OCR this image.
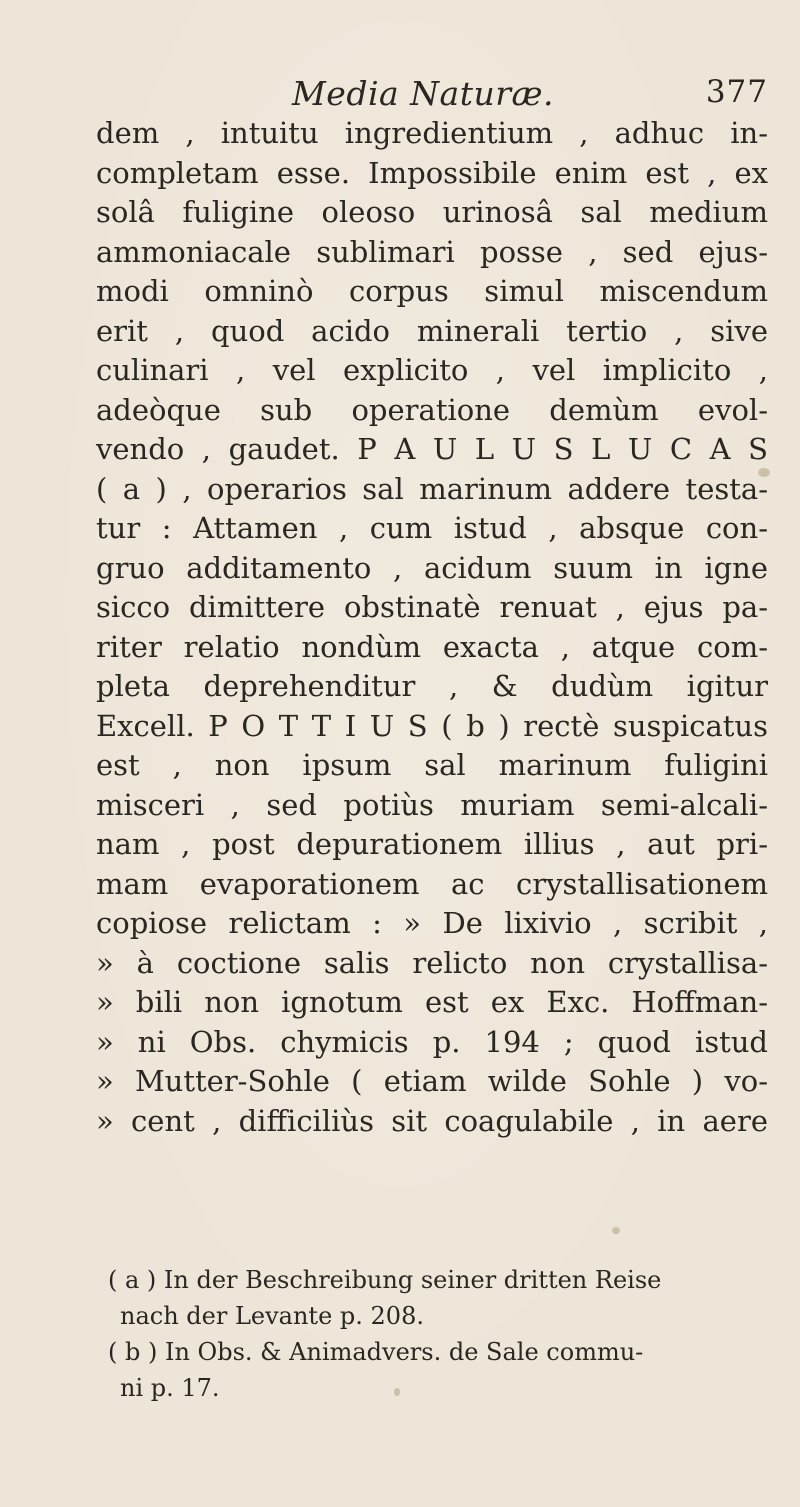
Media Naturæ.	377
dem , intuitu ingredientium , adhuc in-
completam esse. Impossibile enim est , ex
solâ fuligine oleoso urinosâ sal medium
ammoniacale sublimari posse , sed ejus-
modi omninò corpus simul miscendum
erit , quod acido minerali tertio , sive
culinari , vel explicito , vel implicito ,
adeòque sub operatione demùm evol-
vendo , gaudet. P A U L U S L U C A S
( a ) , operarios sal marinum addere testa-
tur : Attamen , cum istud , absque con-
gruo additamento , acidum suum in igne
sicco dimittere obstinatè renuat , ejus pa-
riter relatio nondùm exacta , atque com-
pleta deprehenditur , & dudùm igitur
Excell. P O T T I U S ( b ) rectè suspicatus
est , non ipsum sal marinum fuligini
misceri , sed potiùs muriam semi-alcali-
nam , post depurationem illius , aut pri-
mam evaporationem ac crystallisationem
copiose relictam : » De lixivio , scribit ,
» à coctione salis relicto non crystallisa-
» bili non ignotum est ex Exc. Hoffman-
» ni Obs. chymicis p. 194 ; quod istud
» Mutter-Sohle ( etiam wilde Sohle ) vo-
» cent , difficiliùs sit coagulabile , in aere
( a ) In der Beschreibung seiner dritten Reise
nach der Levante p. 208.
( b ) In Obs. & Animadvers. de Sale commu-
ni p. 17.
